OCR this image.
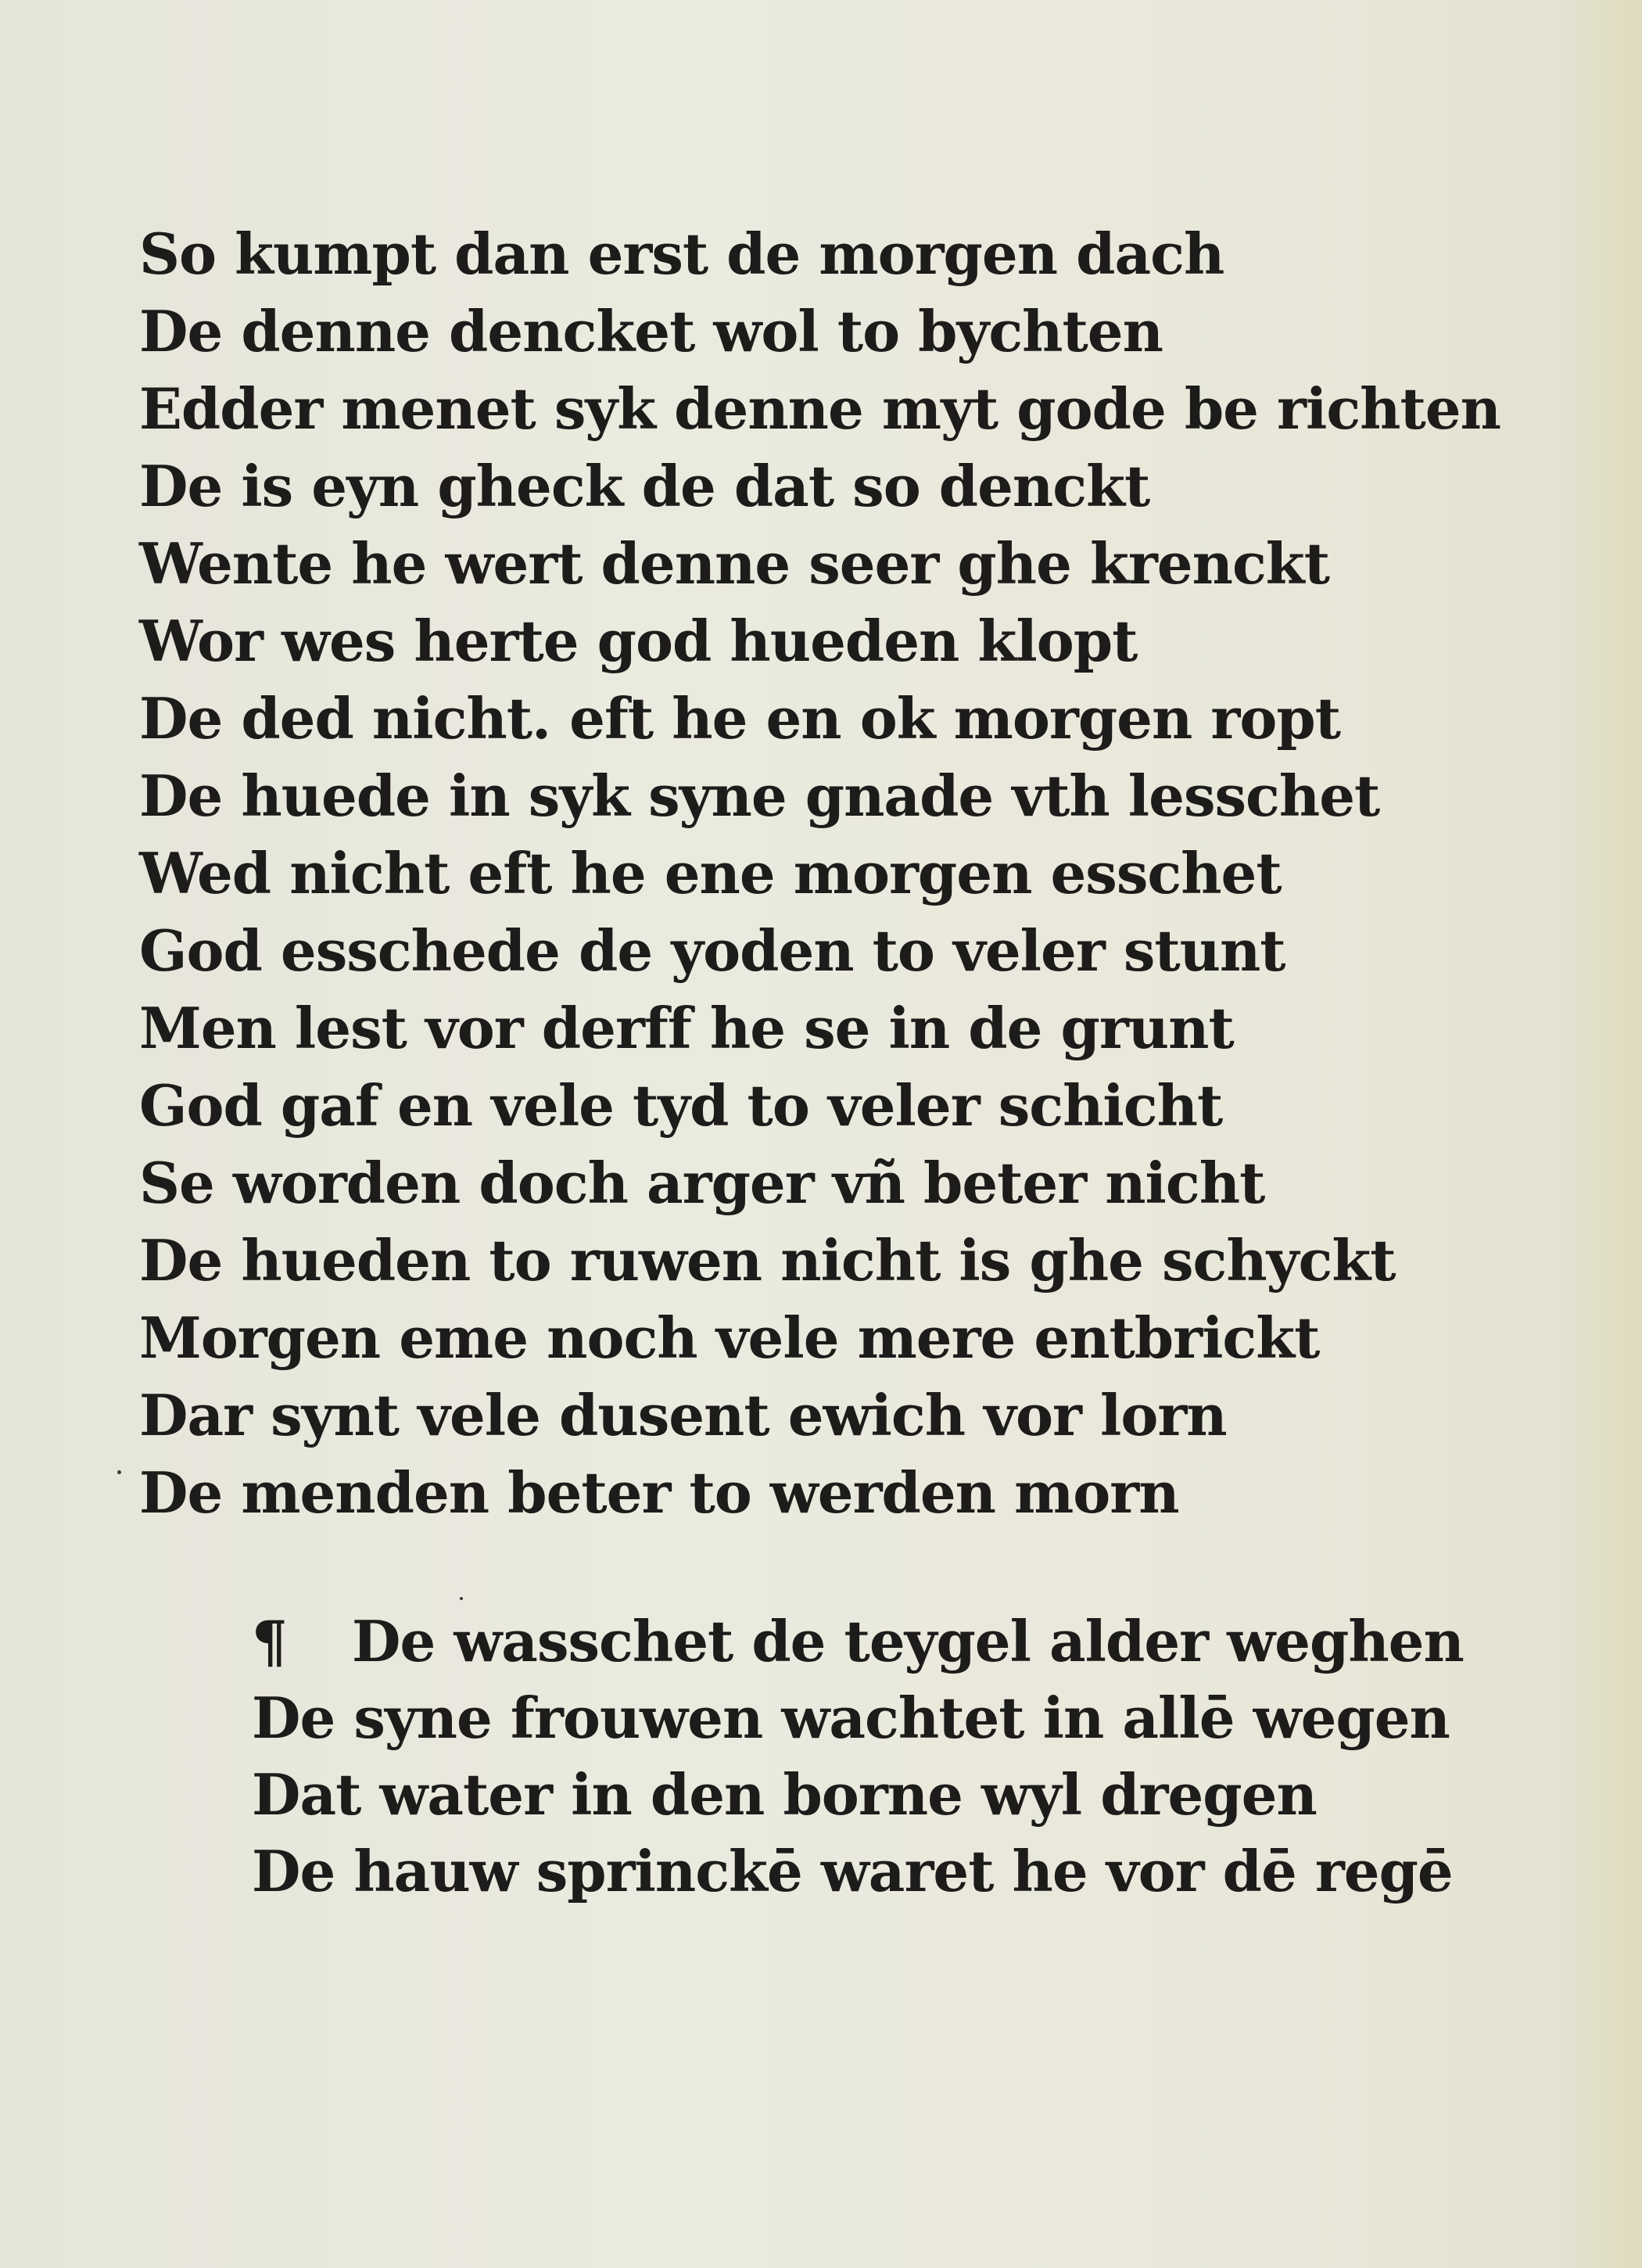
So kumpt dan erst de morgen dach
De denne dencket wol to bychten
Edder menet syk denne myt gode be richten
De is eyn gheck de dat so denckt
Wente he wert denne seer ghe krenckt
Wor wes herte god hueden klopt
De ded nicht. eft he en ok morgen ropt
De huede in syk syne gnade vth lesschet
Wed nicht eft he ene morgen esschet
God esschede de yoden to veler stunt
Men lest vor derff he se in de grunt
God gaf en vele tyd to veler schicht
Se worden doch arger vñ beter nicht
De hueden to ruwen nicht is ghe schyckt
Morgen eme noch vele mere entbrickt
Dar synt vele dusent ewich vor lorn
De menden beter to werden morn
¶ De wasschet de teygel alder weghen
De syne frouwen wachtet in allē wegen
Dat water in den borne wyl dregen
De hauw sprinckē waret he vor dē regē
